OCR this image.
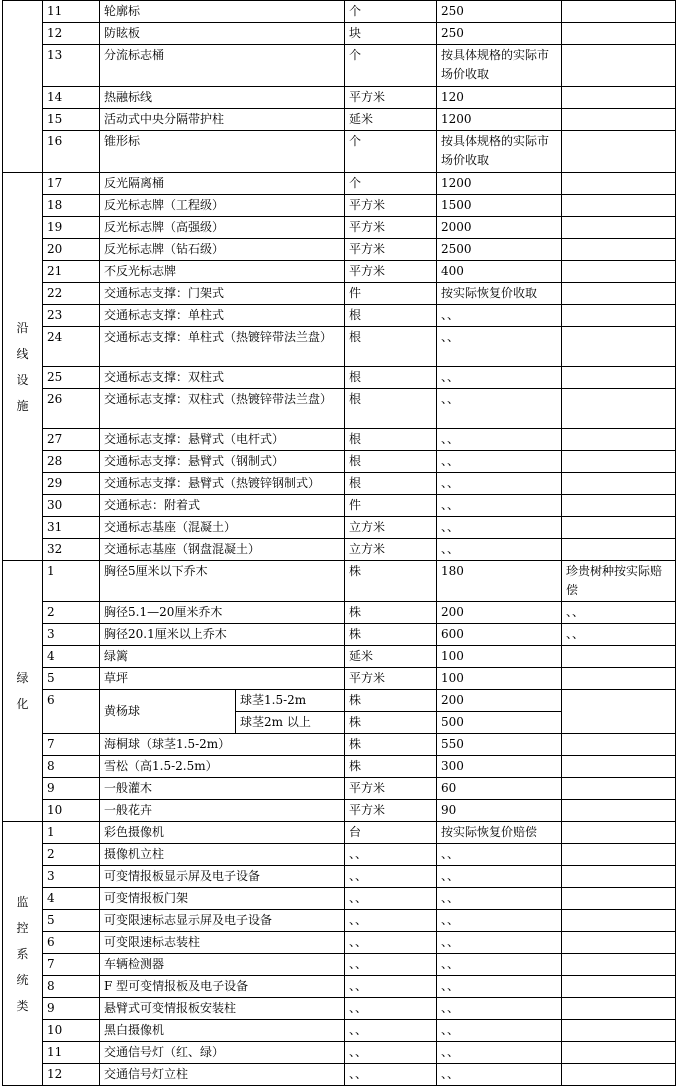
	11	轮廓标		个	250	
	12	防眩板		块	250	
	13	分流标志桶		个	按具体规格的实际市场价收取	
	14	热融标线		平方米	120	
	15	活动式中央分隔带护柱		延米	1200	
	16	锥形标		个	按具体规格的实际市场价收取	

沿
线
设
施	17	反光隔离桶		个	1200	
	18	反光标志牌（工程级）		平方米	1500	
	19	反光标志牌（高强级）		平方米	2000	
	20	反光标志牌（钻石级）		平方米	2500	
	21	不反光标志牌		平方米	400	
	22	交通标志支撑：门架式		件	按实际恢复价收取	
	23	交通标志支撑：单柱式		根	、、	
	24	交通标志支撑：单柱式（热镀锌带法兰盘）		根	、、	
	25	交通标志支撑：双柱式		根	、、	
	26	交通标志支撑：双柱式（热镀锌带法兰盘）		根	、、	
	27	交通标志支撑：悬臂式（电杆式）		根	、、	
	28	交通标志支撑：悬臂式（钢制式）		根	、、	
	29	交通标志支撑：悬臂式（热镀锌钢制式）		根	、、	
	30	交通标志：附着式		件	、、	
	31	交通标志基座（混凝土）		立方米	、、	
	32	交通标志基座（钢盘混凝土）		立方米	、、	

绿
化	1	胸径5厘米以下乔木		株	180	珍贵树种按实际赔偿
	2	胸径5.1—20厘米乔木		株	200	、、
	3	胸径20.1厘米以上乔木		株	600	、、
	4	绿篱		延米	100	
	5	草坪		平方米	100	
	6	黄杨球	球茎1.5-2m	株	200	
			球茎2m 以上	株	500	
	7	海桐球（球茎1.5-2m）		株	550	
	8	雪松（高1.5-2.5m）		株	300	
	9	一般灌木		平方米	60	
	10	一般花卉		平方米	90	

监
控
系
统
类	1	彩色摄像机		台	按实际恢复价赔偿	
	2	摄像机立柱		、、	、、	
	3	可变情报板显示屏及电子设备		、、	、、	
	4	可变情报板门架		、、	、、	
	5	可变限速标志显示屏及电子设备		、、	、、	
	6	可变限速标志装柱		、、	、、	
	7	车辆检测器		、、	、、	
	8	F 型可变情报板及电子设备		、、	、、	
	9	悬臂式可变情报板安装柱		、、	、、	
	10	黑白摄像机		、、	、、	
	11	交通信号灯（红、绿）		、、	、、	
	12	交通信号灯立柱		、、	、、	
